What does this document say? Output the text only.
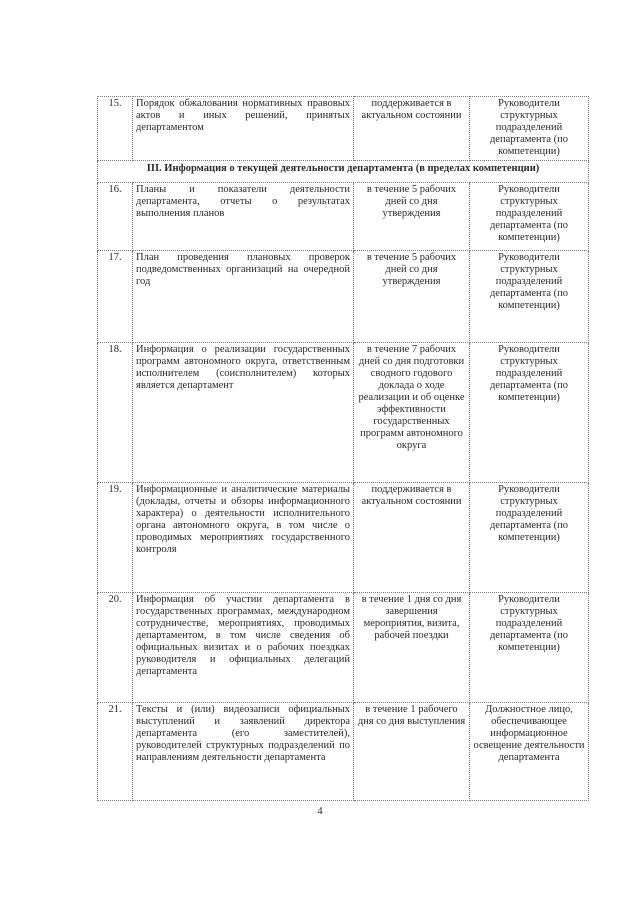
15.	Порядок обжалования нормативных правовых актов и иных решений, принятых департаментом	поддерживается в актуальном состоянии	Руководители структурных подразделений департамента (по компетенции)
III. Информация о текущей деятельности департамента (в пределах компетенции)			
16.	Планы и показатели деятельности департамента, отчеты о результатах выполнения планов	в течение 5 рабочих дней со дня утверждения	Руководители структурных подразделений департамента (по компетенции)
17.	План проведения плановых проверок подведомственных организаций на очередной год	в течение 5 рабочих дней со дня утверждения	Руководители структурных подразделений департамента (по компетенции)
18.	Информация о реализации государственных программ автономного округа, ответственным исполнителем (соисполнителем) которых является департамент	в течение 7 рабочих дней со дня подготовки сводного годового доклада о ходе реализации и об оценке эффективности государственных программ автономного округа	Руководители структурных подразделений департамента (по компетенции)
19.	Информационные и аналитические материалы (доклады, отчеты и обзоры информационного характера) о деятельности исполнительного органа автономного округа, в том числе о проводимых мероприятиях государственного контроля	поддерживается в актуальном состоянии	Руководители структурных подразделений департамента (по компетенции)
20.	Информация об участии департамента в государственных программах, международном сотрудничестве, мероприятиях, проводимых департаментом, в том числе сведения об официальных визитах и о рабочих поездках руководителя и официальных делегаций департамента	в течение 1 дня со дня завершения мероприятия, визита, рабочей поездки	Руководители структурных подразделений департамента (по компетенции)
21.	Тексты и (или) видеозаписи официальных выступлений и заявлений директора департамента (его заместителей), руководителей структурных подразделений по направлениям деятельности департамента	в течение 1 рабочего дня со дня выступления	Должностное лицо, обеспечивающее информационное освещение деятельности департамента
4
